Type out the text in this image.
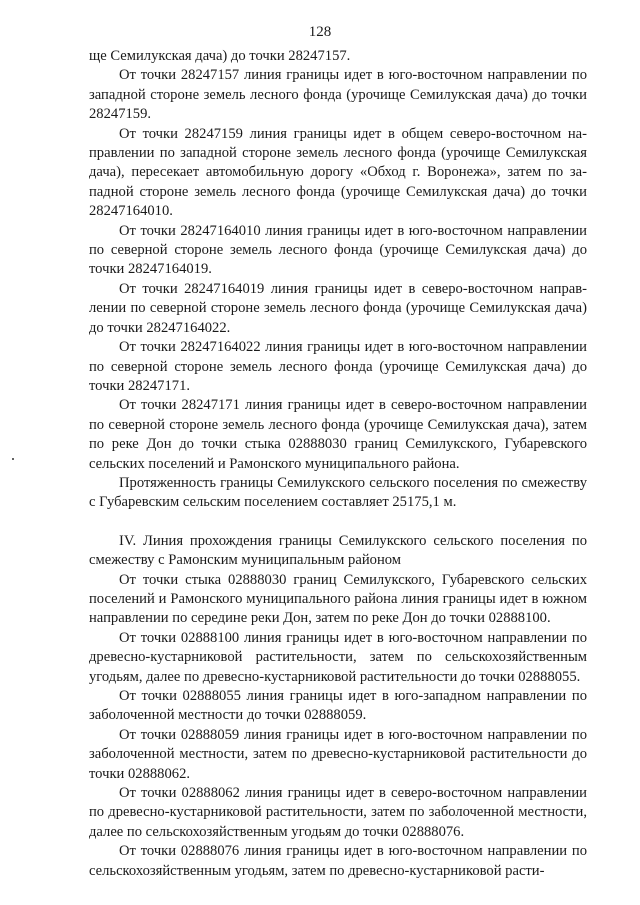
128

ще Семилукская дача) до точки 28247157.

От точки 28247157 линия границы идет в юго-восточном направлении по западной стороне земель лесного фонда (урочище Семилукская дача) до точки 28247159.

От точки 28247159 линия границы идет в общем северо-восточном направлении по западной стороне земель лесного фонда (урочище Семилукская дача), пересекает автомобильную дорогу «Обход г. Воронежа», затем по западной стороне земель лесного фонда (урочище Семилукская дача) до точки 28247164010.

От точки 28247164010 линия границы идет в юго-восточном направлении по северной стороне земель лесного фонда (урочище Семилукская дача) до точки 28247164019.

От точки 28247164019 линия границы идет в северо-восточном направлении по северной стороне земель лесного фонда (урочище Семилукская дача) до точки 28247164022.

От точки 28247164022 линия границы идет в юго-восточном направлении по северной стороне земель лесного фонда (урочище Семилукская дача) до точки 28247171.

От точки 28247171 линия границы идет в северо-восточном направлении по северной стороне земель лесного фонда (урочище Семилукская дача), затем по реке Дон до точки стыка 02888030 границ Семилукского, Губаревского сельских поселений и Рамонского муниципального района.

Протяженность границы Семилукского сельского поселения по смежеству с Губаревским сельским поселением составляет 25175,1 м.

IV. Линия прохождения границы Семилукского сельского поселения по смежеству с Рамонским муниципальным районом

От точки стыка 02888030 границ Семилукского, Губаревского сельских поселений и Рамонского муниципального района линия границы идет в южном направлении по середине реки Дон, затем по реке Дон до точки 02888100.

От точки 02888100 линия границы идет в юго-восточном направлении по древесно-кустарниковой растительности, затем по сельскохозяйственным угодьям, далее по древесно-кустарниковой растительности до точки 02888055.

От точки 02888055 линия границы идет в юго-западном направлении по заболоченной местности до точки 02888059.

От точки 02888059 линия границы идет в юго-восточном направлении по заболоченной местности, затем по древесно-кустарниковой растительности до точки 02888062.

От точки 02888062 линия границы идет в северо-восточном направлении по древесно-кустарниковой растительности, затем по заболоченной местности, далее по сельскохозяйственным угодьям до точки 02888076.

От точки 02888076 линия границы идет в юго-восточном направлении по сельскохозяйственным угодьям, затем по древесно-кустарниковой расти-
